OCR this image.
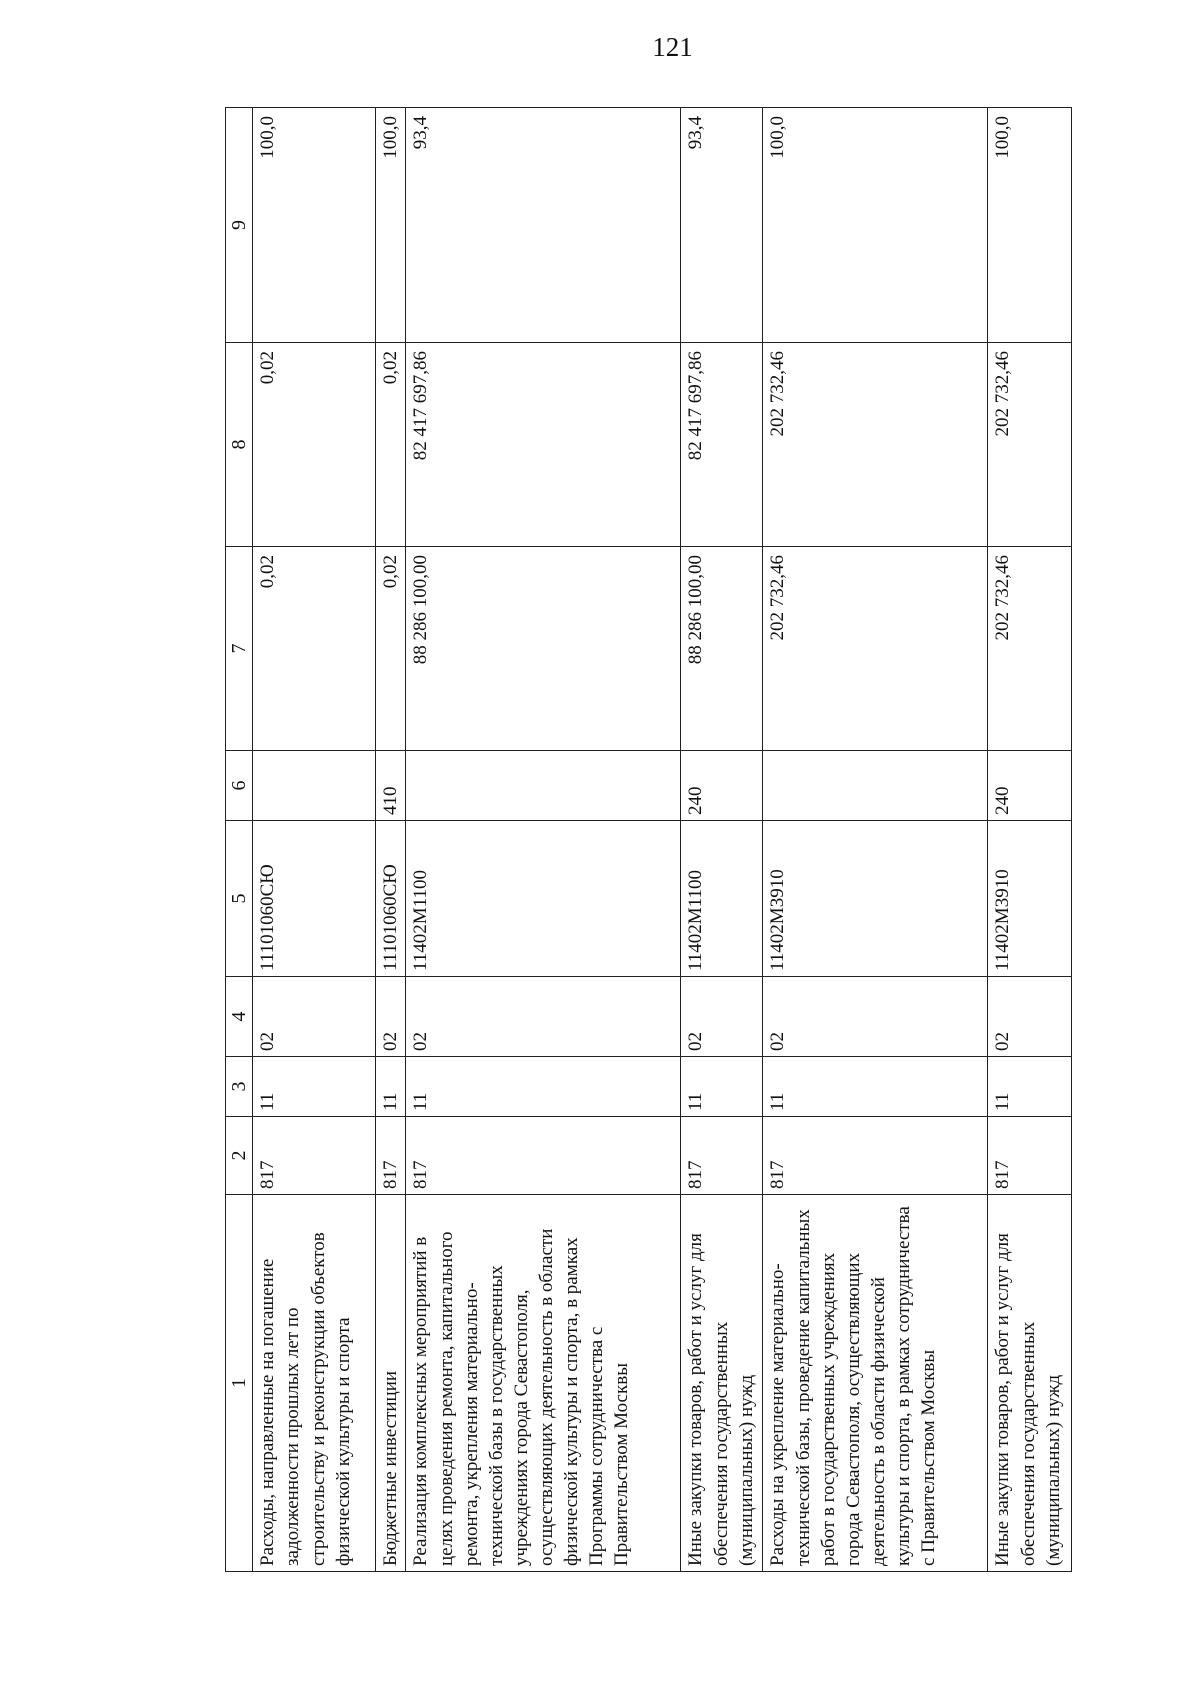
121
1	2	3	4	5	6	7	8	9
Расходы, направленные на погашение задолженности прошлых лет по строительству и реконструкции объектов физической культуры и спорта	817	11	02	11101060СЮ		0,02	0,02	100,0
Бюджетные инвестиции	817	11	02	11101060СЮ	410	0,02	0,02	100,0
Реализация комплексных мероприятий в целях проведения ремонта, капитального ремонта, укрепления материально-технической базы в государственных учреждениях города Севастополя, осуществляющих деятельность в области физической культуры и спорта, в рамках Программы сотрудничества с Правительством Москвы	817	11	02	11402М1100		88 286 100,00	82 417 697,86	93,4
Иные закупки товаров, работ и услуг для обеспечения государственных (муниципальных) нужд	817	11	02	11402М1100	240	88 286 100,00	82 417 697,86	93,4
Расходы на укрепление материально-технической базы, проведение капитальных работ в государственных учреждениях города Севастополя, осуществляющих деятельность в области физической культуры и спорта, в рамках сотрудничества с Правительством Москвы	817	11	02	11402М3910		202 732,46	202 732,46	100,0
Иные закупки товаров, работ и услуг для обеспечения государственных (муниципальных) нужд	817	11	02	11402М3910	240	202 732,46	202 732,46	100,0
